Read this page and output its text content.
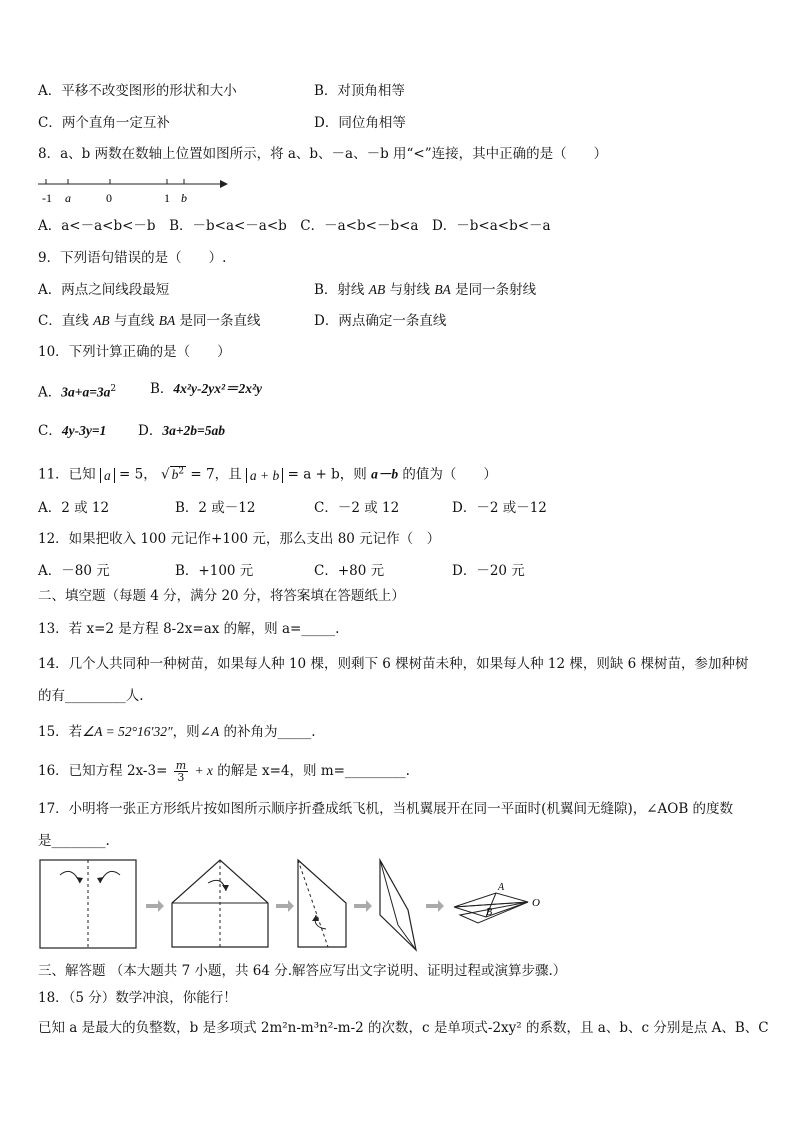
A．平移不改变图形的形状和大小	B．对顶角相等
C．两个直角一定互补	D．同位角相等
8．a、b 两数在数轴上位置如图所示，将 a、b、－a、－b 用“<”连接，其中正确的是（　　）
-1 a	0	1 b
A．a<－a<b<－b　B．－b<a<－a<b　C．－a<b<－b<a　D．－b<a<b<－a
9．下列语句错误的是（　　）.
A．两点之间线段最短	B．射线 AB 与射线 BA 是同一条射线
C．直线 AB 与直线 BA 是同一条直线	D．两点确定一条直线
10．下列计算正确的是（　　）
A．$3a+a=3a^2$	B．4x²y-2yx²＝2x²y
C．4y-3y=1 D．3a+2b=5ab
11．已知 a = 5， √ $b^2 = 7$，且 a + b = a + b，则 a－b 的值为（　　）
A．2 或 12	B．2 或－12	C．－2 或 12	D．－2 或－12
12．如果把收入 100 元记作+100 元，那么支出 80 元记作（　）
A．－80 元	B．+100 元	C．+80 元	D．－20 元
二、填空题（每题 4 分，满分 20 分，将答案填在答题纸上）
13．若 x=2 是方程 8-2x=ax 的解，则 a=_____.
14．几个人共同种一种树苗，如果每人种 10 棵，则剩下 6 棵树苗未种，如果每人种 12 棵，则缺 6 棵树苗，参加种树
的有_________人.
15．若∠A = 52°16′32″，则∠A 的补角为_____.
16．已知方程 $2x-3= \frac{m}{3} + x$ 的解是 x=4，则 m=_________.
17．小明将一张正方形纸片按如图所示顺序折叠成纸飞机，当机翼展开在同一平面时(机翼间无缝隙)，∠AOB 的度数
是________.
A
B
O
三、解答题 （本大题共 7 小题，共 64 分.解答应写出文字说明、证明过程或演算步骤.）
18．（5 分）数学冲浪，你能行！
已知 a 是最大的负整数，b 是多项式 2m²n-m³n²-m-2 的次数，c 是单项式-2xy² 的系数，且 a、b、c 分别是点 A、B、C
